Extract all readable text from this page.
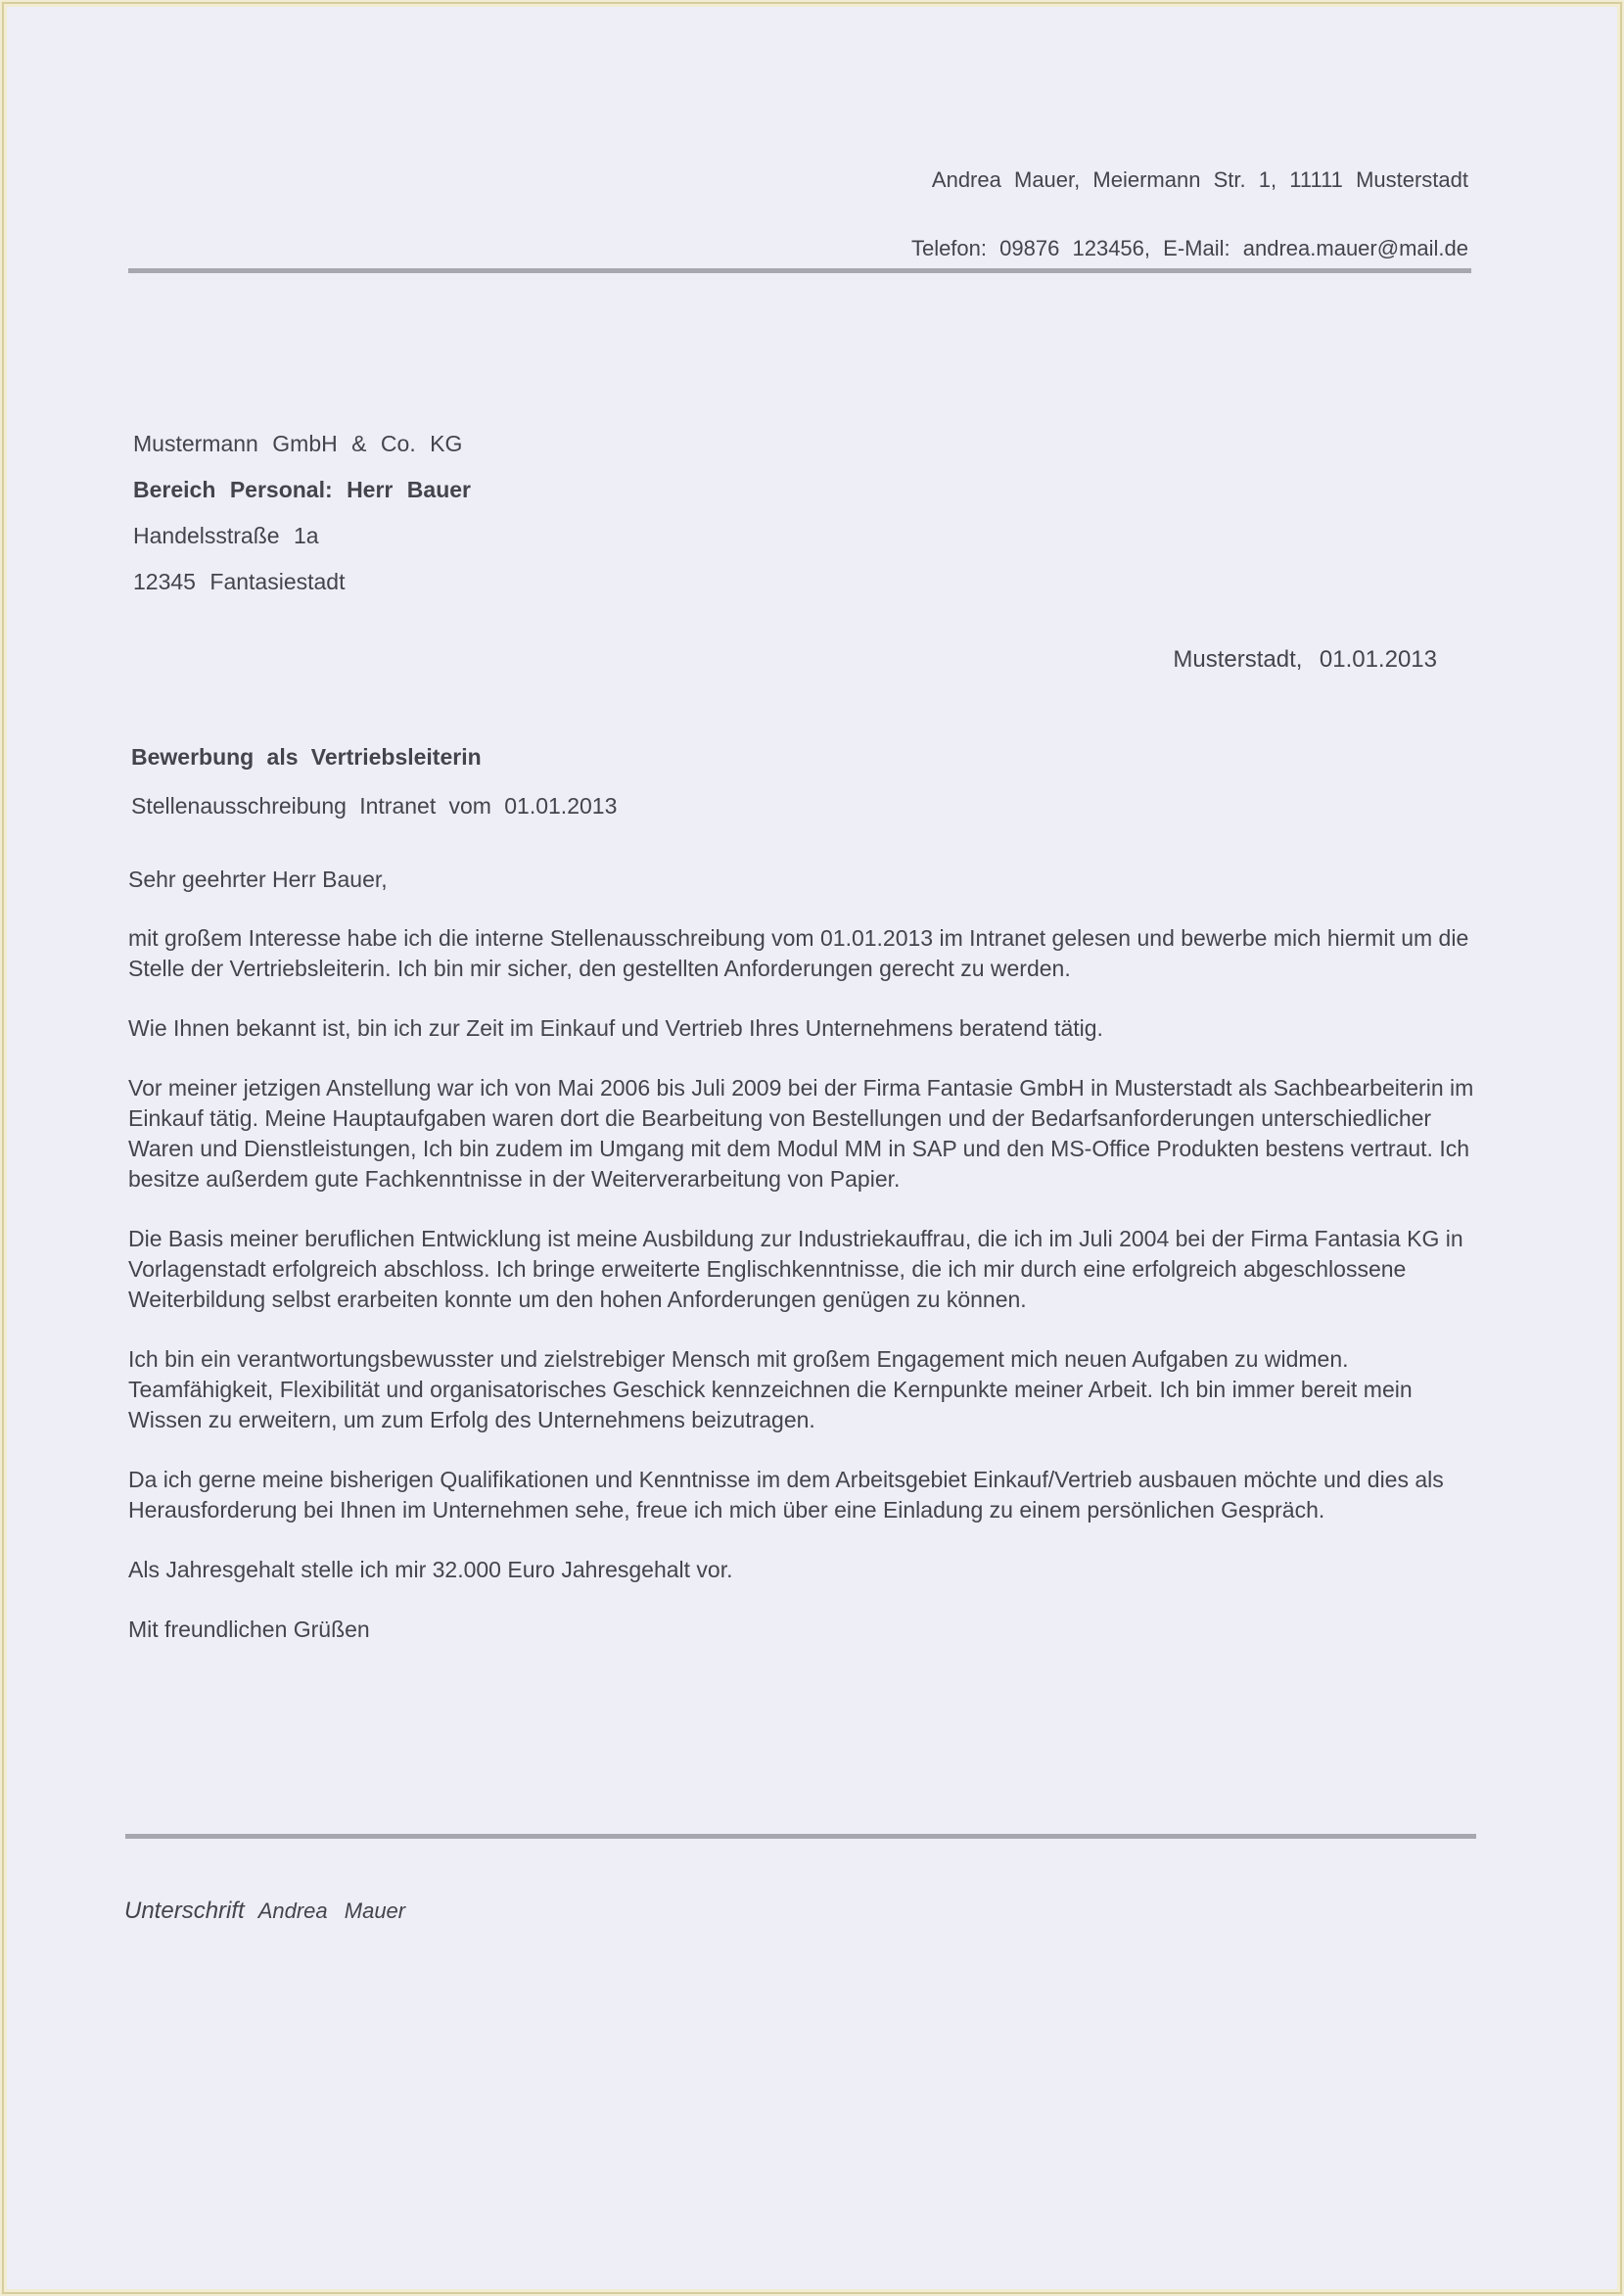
Andrea Mauer, Meiermann Str. 1, 11111 Musterstadt
Telefon: 09876 123456, E-Mail: andrea.mauer@mail.de
Mustermann GmbH & Co. KG
Bereich Personal: Herr Bauer
Handelsstraße 1a
12345 Fantasiestadt
Musterstadt, 01.01.2013
Bewerbung als Vertriebsleiterin
Stellenausschreibung Intranet vom 01.01.2013
Sehr geehrter Herr Bauer,

mit großem Interesse habe ich die interne Stellenausschreibung vom 01.01.2013 im Intranet gelesen und bewerbe mich hiermit um die Stelle der Vertriebsleiterin. Ich bin mir sicher, den gestellten Anforderungen gerecht zu werden.

Wie Ihnen bekannt ist, bin ich zur Zeit im Einkauf und Vertrieb Ihres Unternehmens beratend tätig.

Vor meiner jetzigen Anstellung war ich von Mai 2006 bis Juli 2009 bei der Firma Fantasie GmbH in Musterstadt als Sachbearbeiterin im Einkauf tätig. Meine Hauptaufgaben waren dort die Bearbeitung von Bestellungen und der Bedarfsanforderungen unterschiedlicher Waren und Dienstleistungen, Ich bin zudem im Umgang mit dem Modul MM in SAP und den MS-Office Produkten bestens vertraut. Ich besitze außerdem gute Fachkenntnisse in der Weiterverarbeitung von Papier.

Die Basis meiner beruflichen Entwicklung ist meine Ausbildung zur Industriekauffrau, die ich im Juli 2004 bei der Firma Fantasia KG in Vorlagenstadt erfolgreich abschloss. Ich bringe erweiterte Englischkenntnisse, die ich mir durch eine erfolgreich abgeschlossene Weiterbildung selbst erarbeiten konnte um den hohen Anforderungen genügen zu können.

Ich bin ein verantwortungsbewusster und zielstrebiger Mensch mit großem Engagement mich neuen Aufgaben zu widmen. Teamfähigkeit, Flexibilität und organisatorisches Geschick kennzeichnen die Kernpunkte meiner Arbeit. Ich bin immer bereit mein Wissen zu erweitern, um zum Erfolg des Unternehmens beizutragen.

Da ich gerne meine bisherigen Qualifikationen und Kenntnisse im dem Arbeitsgebiet Einkauf/Vertrieb ausbauen möchte und dies als Herausforderung bei Ihnen im Unternehmen sehe, freue ich mich über eine Einladung zu einem persönlichen Gespräch.

Als Jahresgehalt stelle ich mir 32.000 Euro Jahresgehalt vor.

Mit freundlichen Grüßen

Unterschrift Andrea Mauer
